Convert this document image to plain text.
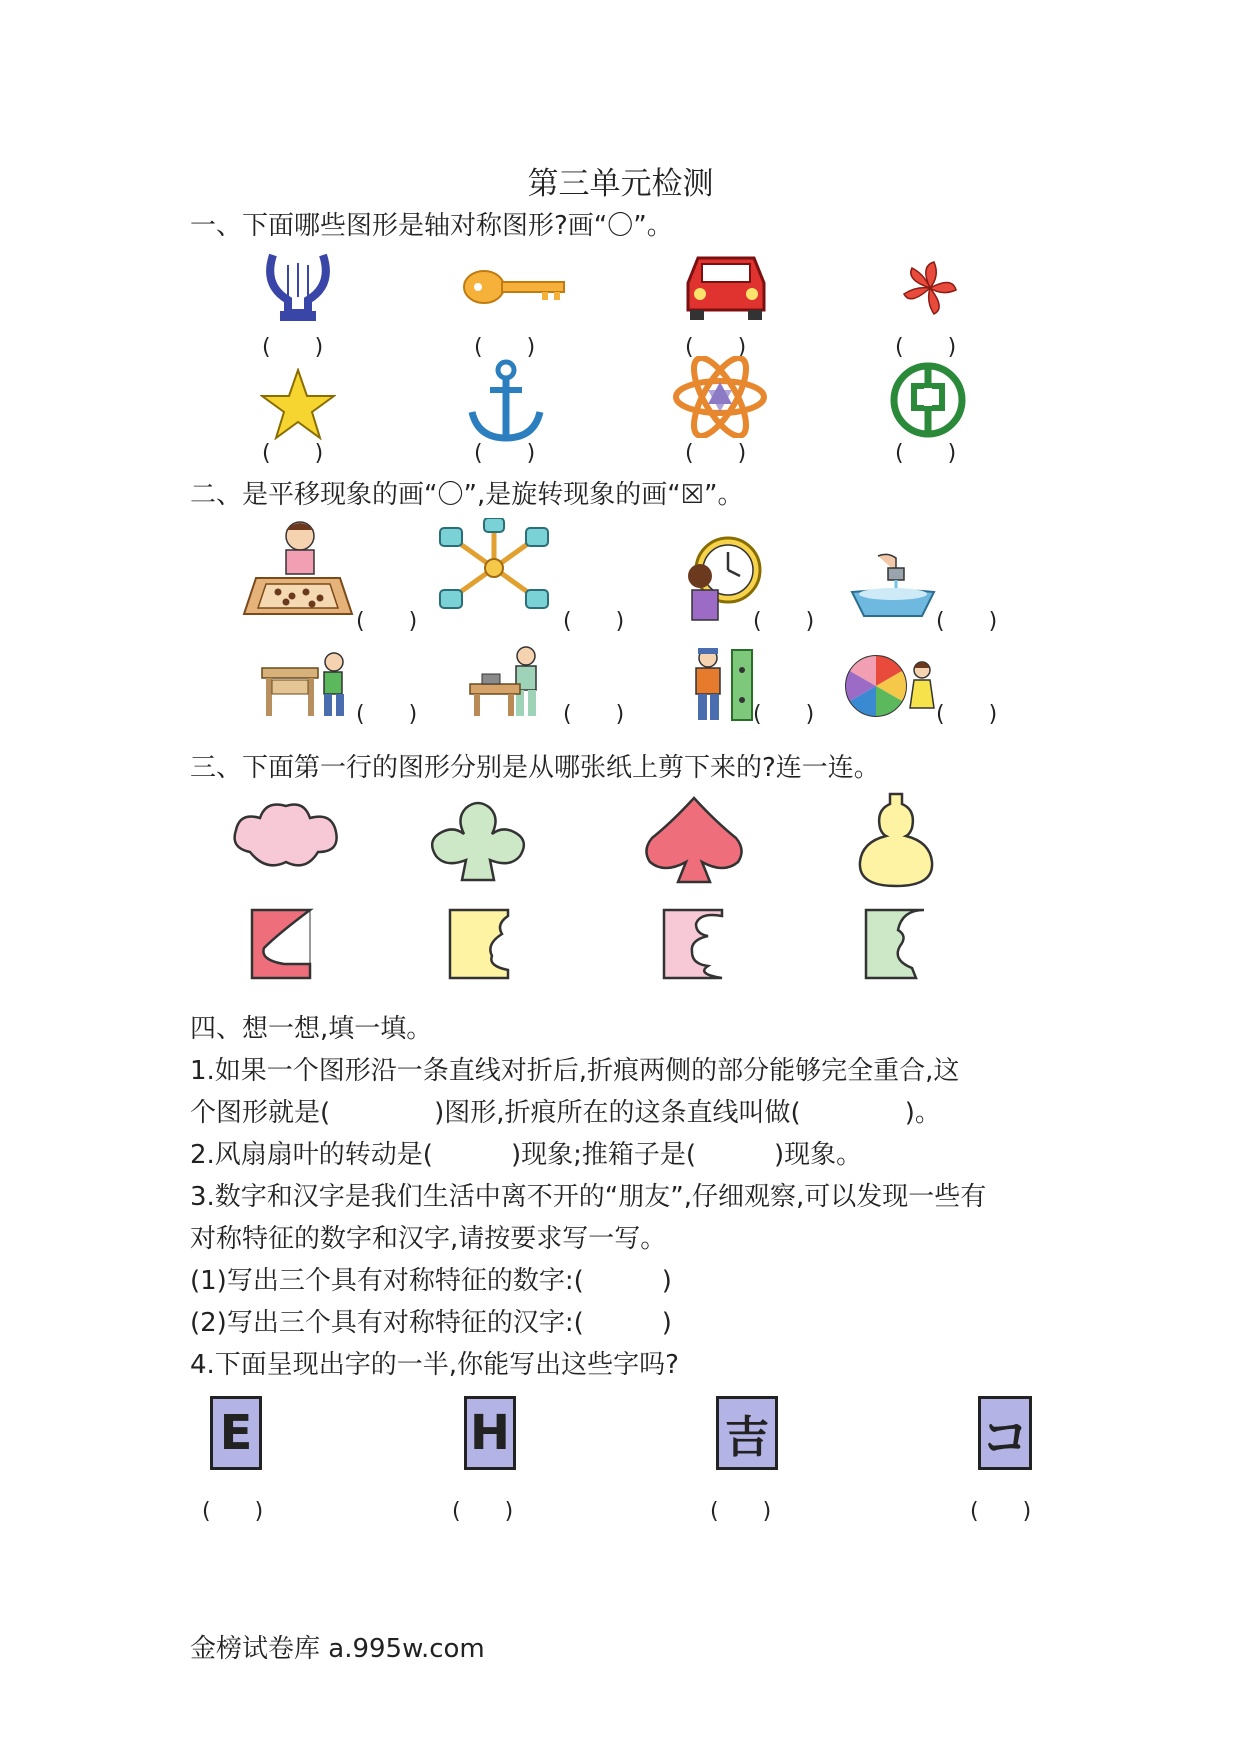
第三单元检测
一、下面哪些图形是轴对称图形?画“〇”。
(　　)	(　　)	(　　)	(　　)
(　　)	(　　)	(　　)	(　　)
二、是平移现象的画“〇”,是旋转现象的画“☒”。
(　　)	(　　)	(　　)	(　　)
(　　)	(　　)	(　　)	(　　)
三、下面第一行的图形分别是从哪张纸上剪下来的?连一连。
四、想一想,填一填。
1.如果一个图形沿一条直线对折后,折痕两侧的部分能够完全重合,这
个图形就是(　　　　)图形,折痕所在的这条直线叫做(　　　　)。
2.风扇扇叶的转动是(　　　)现象;推箱子是(　　　)现象。
3.数字和汉字是我们生活中离不开的“朋友”,仔细观察,可以发现一些有
对称特征的数字和汉字,请按要求写一写。
(1)写出三个具有对称特征的数字:(　　　)
(2)写出三个具有对称特征的汉字:(　　　)
4.下面呈现出字的一半,你能写出这些字吗?
E	H	吉	コ
(　　)	(　　)	(　　)	(　　)
金榜试卷库 a.995w.com
